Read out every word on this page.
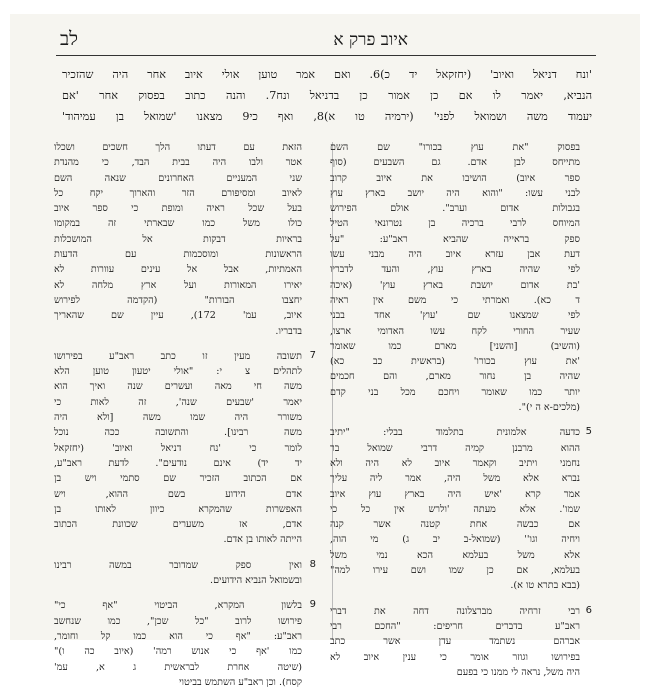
איוב פרק א
לב
'ונח דניאל ואיוב' (יחזקאל יד כ)6. ואם אמר טוען אולי איוב אחר היה שהזכיר
הנביא, יאמר לו אם כן אמור כן בדניאל ונח7. והנה כתוב בפסוק אחר 'אם
יעמוד משה ושמואל לפני' (ירמיה טו א)8, ואף כי9 מצאנו 'שמואל בן עמיהוד'
בפסוק "את עוץ בכורו" שם השם
מתייחס לבן אדם. גם השבעים (סוף
ספר איוב) הושיבו את איוב קרוב
לבני עשו: "והוא היה יושב בארץ עוץ
בגבולות אדום וערב". אולם הפירוש
המיוחס לרבי ברכיה בן נטרונאי הטיל
ספק בראייה שהביא ראב"ע: "על
דעת אבן עזרא איוב היה מבני עשו
לפי שהיה בארץ עוץ, והעד לדבריו
'בת אדום יושבת בארץ עוץ' (איכה
ד כא). ואמרתי כי משם אין ראיה
לפי שמצאנו שם 'עוץ' אחד בבני
שעיר החורי לקח עשו האדומי ארצו,
(והשיב) [והשני] מארם כמו שאומר
'את עוץ בכורו' (בראשית כב כא)
שהיה בן נחור מארם, והם חכמים
יותר כמו שאומר ויחכם מכל בני קדם
(מלכים-א ה י)".
כדעה אלמונית בתלמוד בבלי: "יתיב
ההוא מרבנן קמיה דרבי שמואל בר
נחמני ויתיב וקאמר איוב לא היה ולא
נברא אלא משל היה, אמר ליה עליך
אמר קרא 'איש היה בארץ עוץ איוב
שמו'. אלא מעתה 'ולרש אין כל כי
אם כבשה אחת קטנה אשר קנה
ויחיה וגו'' (שמואל-ב יב ג) מי הוה,
אלא משל בעלמא הכא נמי משל
בעלמא, אם כן שמו ושם עירו למה"
(בבא בתרא טו א).
רבי זרחיה מברצלונה דחה את דברי
ראב"ע בדברים חריפים: "החכם רבי
אברהם נשתמד עדן אשר כתב
בפירושו וגוזר אומר כי ענין איוב לא
היה משל, נראה לי ממנו כי בפעם
הזאת עם דעתו הלך חשכים ושכלו
אטר ולבו היה בבית הבד, כי מהנדת
שני המעניים האחרונים שנאה השם
לאיוב ומסיפורם הזר והארוך יקח כל
בעל שכל ראיה ומופת כי ספר איוב
כולו משל כמו שבארתי זה במקומו
בראיות דבקות אל המושכלות
הראשונות ומוסכמות עם הדעות
האמתיות, אבל אל עינים עוורות לא
יאירו המאורות ועל ארץ מלחה לא
יחצבו הבורות" (הקדמה לפירוש
איוב, עמ' 172), עיין שם שהאריך
בדבריו.
תשובה מעין זו כתב ראב"ע בפירושו
לתהלים צ י: "אולי יטעון טוען הלא
משה חי מאה ועשרים שנה ואיך הוא
יאמר 'שבעים שנה', זה לאות כי
משורר היה שמו משה [ולא היה
משה רבינו]. והתשובה ככה נוכל
לומר כי 'נח דניאל ואיוב' (יחזקאל
יד יד) אינם נודעים". לדעת ראב"ע,
אם הכתוב הזכיר שם סתמי ויש בן
אדם הידוע בשם ההוא, ויש
האפשרות שהמקרא כיוון לאותו בן
אדם, אז משערים שכוונת הכתוב
הייתה לאותו בן אדם.
ואין ספק שמדובר במשה רבינו
ובשמואל הנביא הידועים.
בלשון המקרא, הביטוי "אף כי"
פירושו לרוב "כל שכן", כמו שנחשב
ראב"ע: "אף כי הוא כמו קל וחומר,
כמו 'אף כי אנוש רמה' (איוב כה ו)"
(שיטה אחרת לבראשית ג א, עמ'
קסח). וכן ראב"ע השתמש בביטוי
5
6
7
8
9
